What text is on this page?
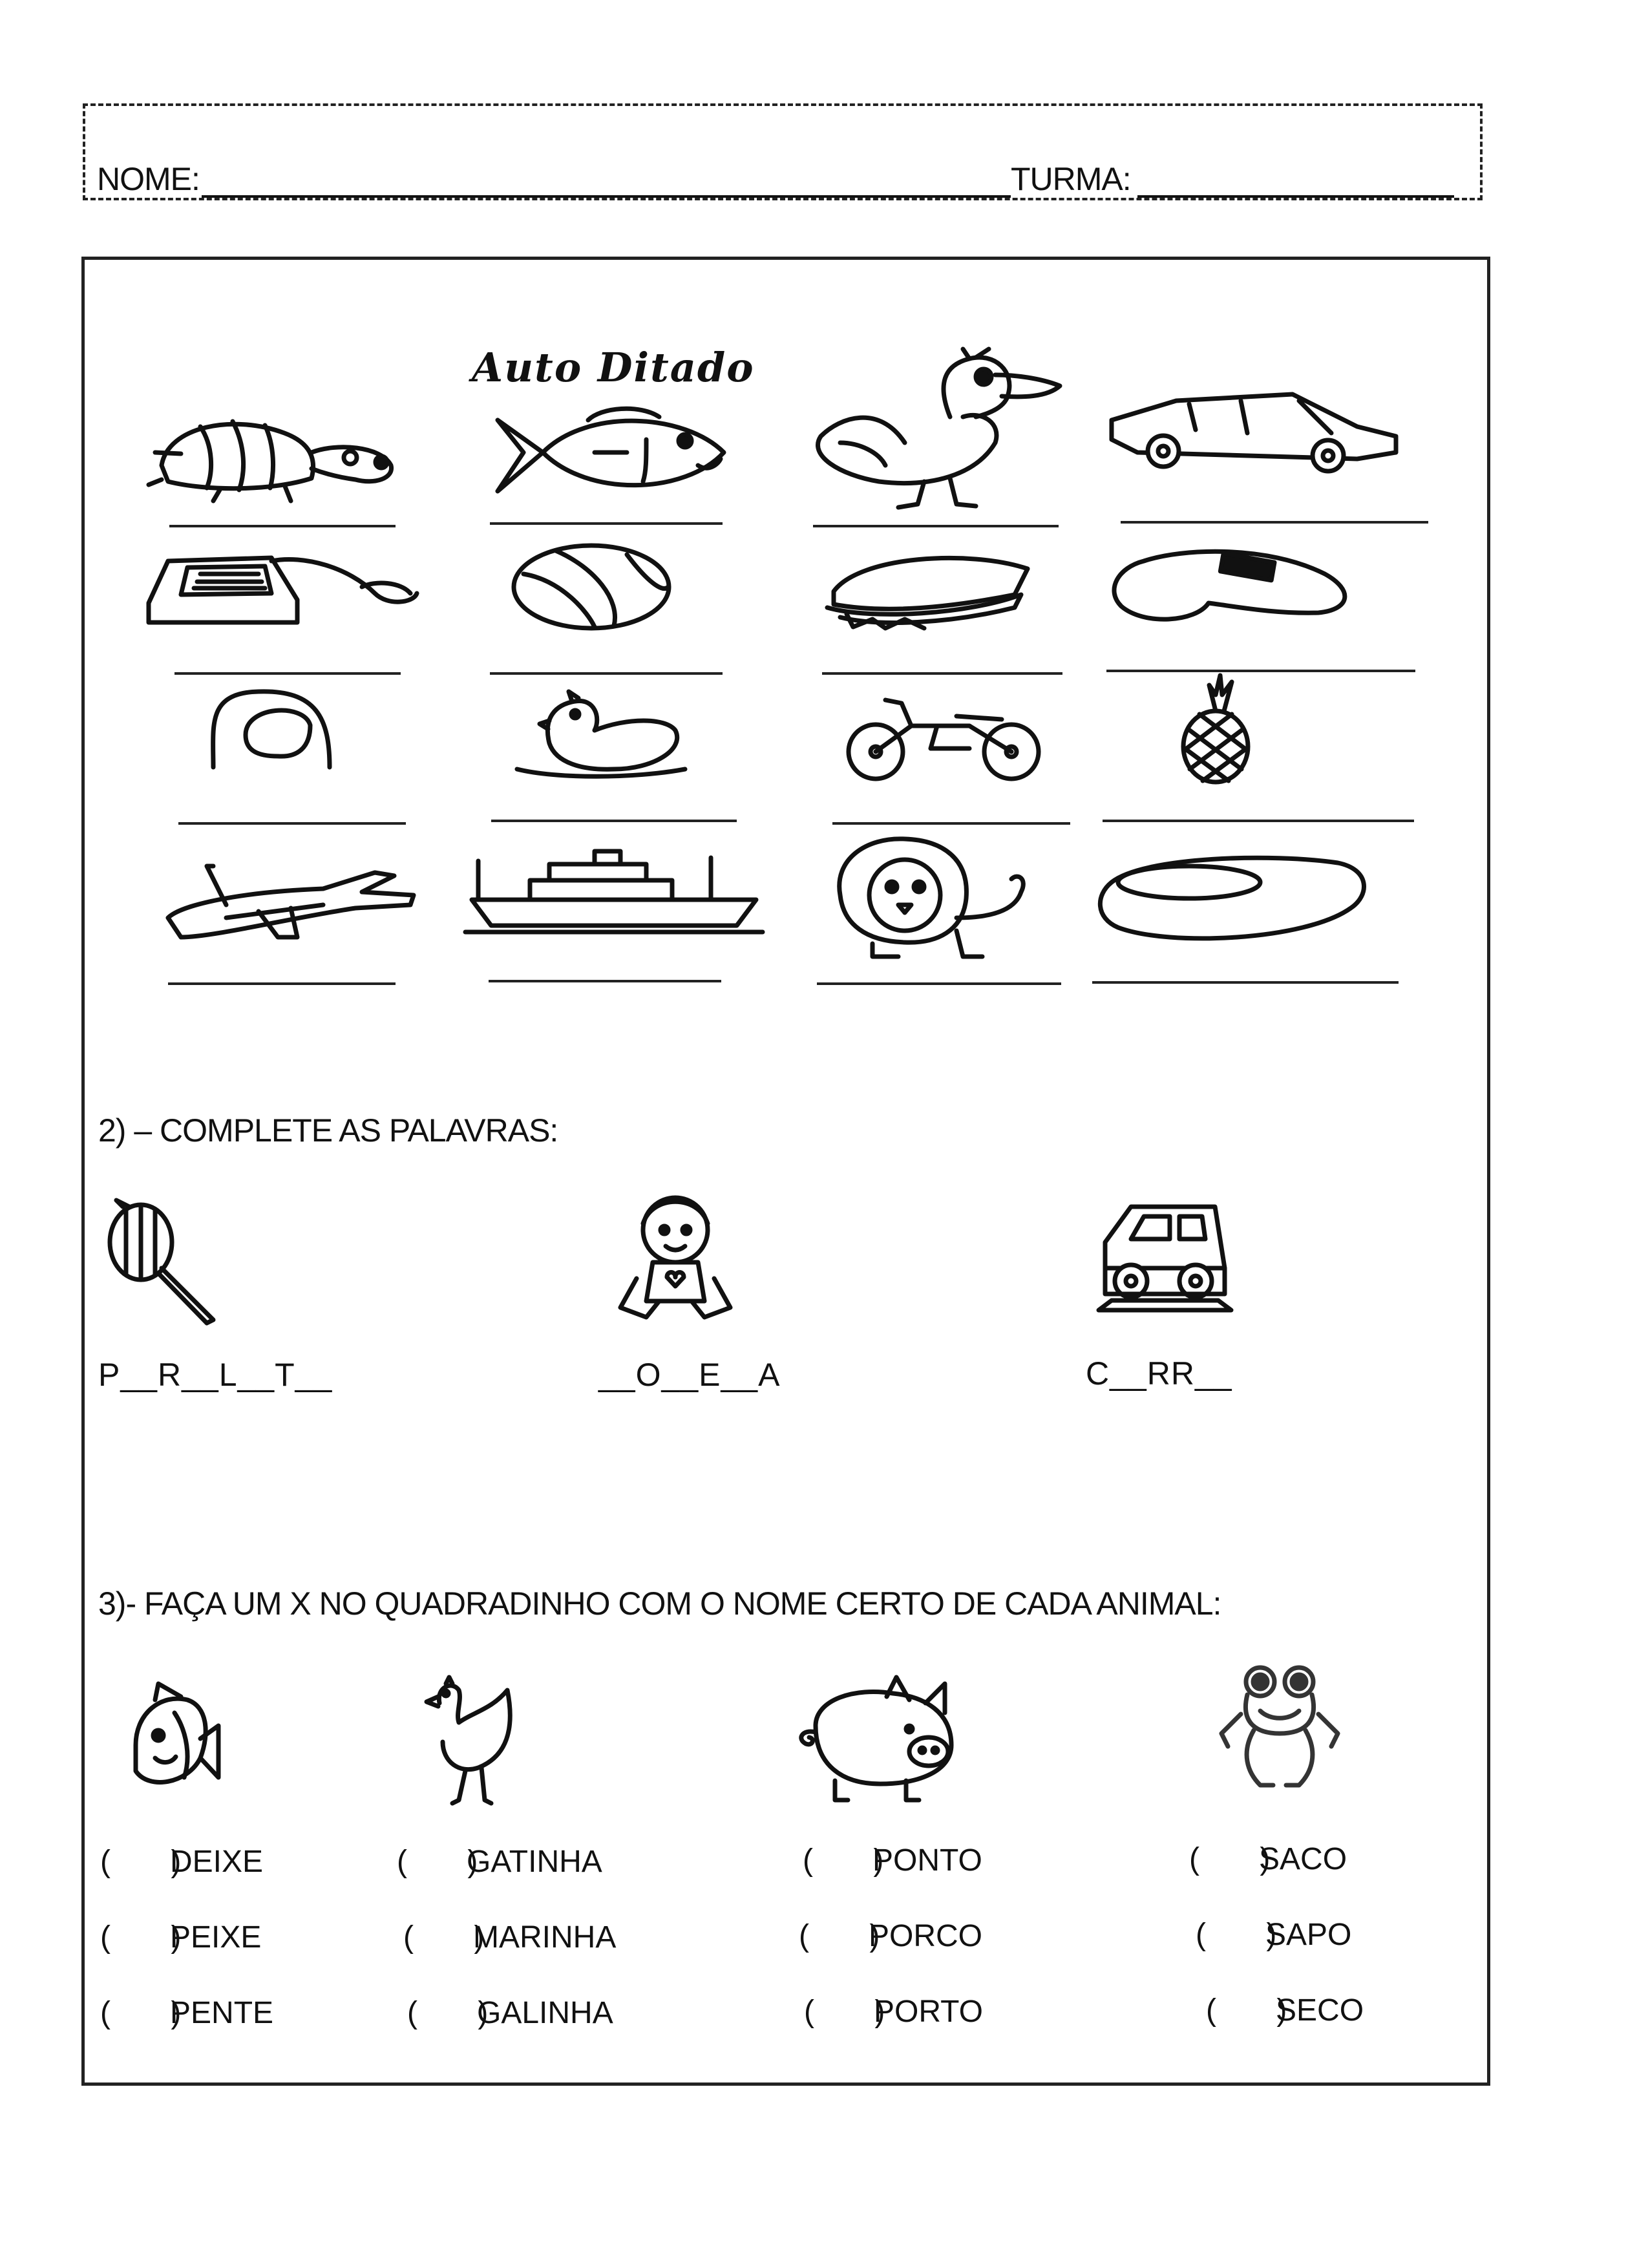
NOME:	TURMA:
Auto Ditado
2) – COMPLETE AS PALAVRAS:
P__R__L__T__	__O__E__A	C__RR__
3)- FAÇA UM X NO QUADRADINHO COM O NOME CERTO DE CADA ANIMAL:
(       )
DEIXE
(       )
PEIXE
(       )
PENTE
(       )
GATINHA
(       )
MARINHA
(       )
GALINHA
(       )
PONTO
(       )
PORCO
(       )
PORTO
(       )
SACO
(       )
SAPO
(       )
SECO
